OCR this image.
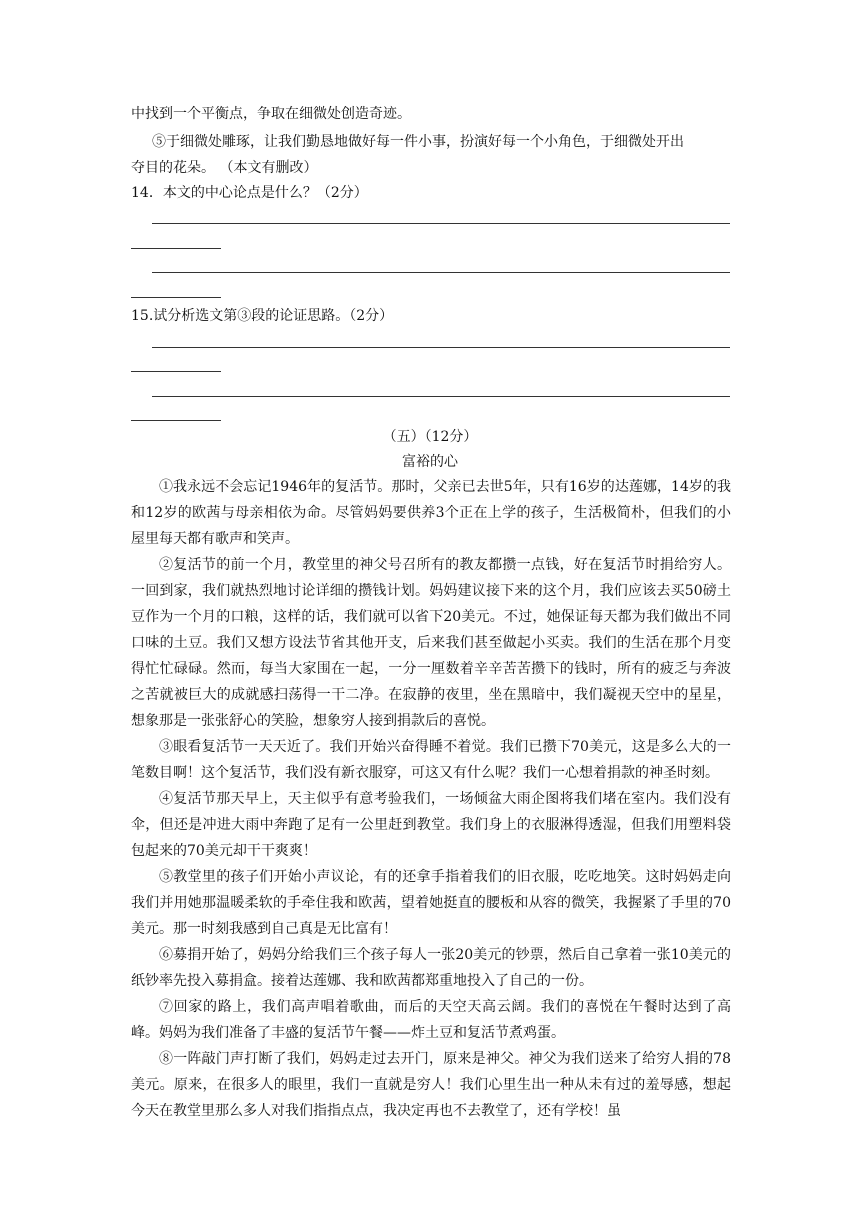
中找到一个平衡点，争取在细微处创造奇迹。
⑤于细微处雕琢，让我们勤恳地做好每一件小事，扮演好每一个小角色，于细微处开出
夺目的花朵。 （本文有删改）
14．本文的中心论点是什么？（2分）
15.试分析选文第③段的论证思路。（2分）
（五）（12分）
富裕的心

①我永远不会忘记1946年的复活节。那时，父亲已去世5年，只有16岁的达莲娜，14岁的我和12岁的欧茜与母亲相依为命。尽管妈妈要供养3个正在上学的孩子，生活极简朴，但我们的小屋里每天都有歌声和笑声。

②复活节的前一个月，教堂里的神父号召所有的教友都攒一点钱，好在复活节时捐给穷人。一回到家，我们就热烈地讨论详细的攒钱计划。妈妈建议接下来的这个月，我们应该去买50磅土豆作为一个月的口粮，这样的话，我们就可以省下20美元。不过，她保证每天都为我们做出不同口味的土豆。我们又想方设法节省其他开支，后来我们甚至做起小买卖。我们的生活在那个月变得忙忙碌碌。然而，每当大家围在一起，一分一厘数着辛辛苦苦攒下的钱时，所有的疲乏与奔波之苦就被巨大的成就感扫荡得一干二净。在寂静的夜里，坐在黑暗中，我们凝视天空中的星星，想象那是一张张舒心的笑脸，想象穷人接到捐款后的喜悦。

③眼看复活节一天天近了。我们开始兴奋得睡不着觉。我们已攒下70美元，这是多么大的一笔数目啊！这个复活节，我们没有新衣服穿，可这又有什么呢？我们一心想着捐款的神圣时刻。

④复活节那天早上，天主似乎有意考验我们，一场倾盆大雨企图将我们堵在室内。我们没有伞，但还是冲进大雨中奔跑了足有一公里赶到教堂。我们身上的衣服淋得透湿，但我们用塑料袋包起来的70美元却干干爽爽！

⑤教堂里的孩子们开始小声议论，有的还拿手指着我们的旧衣服，吃吃地笑。这时妈妈走向我们并用她那温暖柔软的手牵住我和欧茜，望着她挺直的腰板和从容的微笑，我握紧了手里的70美元。那一时刻我感到自己真是无比富有！

⑥募捐开始了，妈妈分给我们三个孩子每人一张20美元的钞票，然后自己拿着一张10美元的纸钞率先投入募捐盒。接着达莲娜、我和欧茜都郑重地投入了自己的一份。

⑦回家的路上，我们高声唱着歌曲，而后的天空天高云阔。我们的喜悦在午餐时达到了高峰。妈妈为我们准备了丰盛的复活节午餐——炸土豆和复活节煮鸡蛋。

⑧一阵敲门声打断了我们，妈妈走过去开门，原来是神父。神父为我们送来了给穷人捐的78美元。原来，在很多人的眼里，我们一直就是穷人！我们心里生出一种从未有过的羞辱感，想起今天在教堂里那么多人对我们指指点点，我决定再也不去教堂了，还有学校！虽
